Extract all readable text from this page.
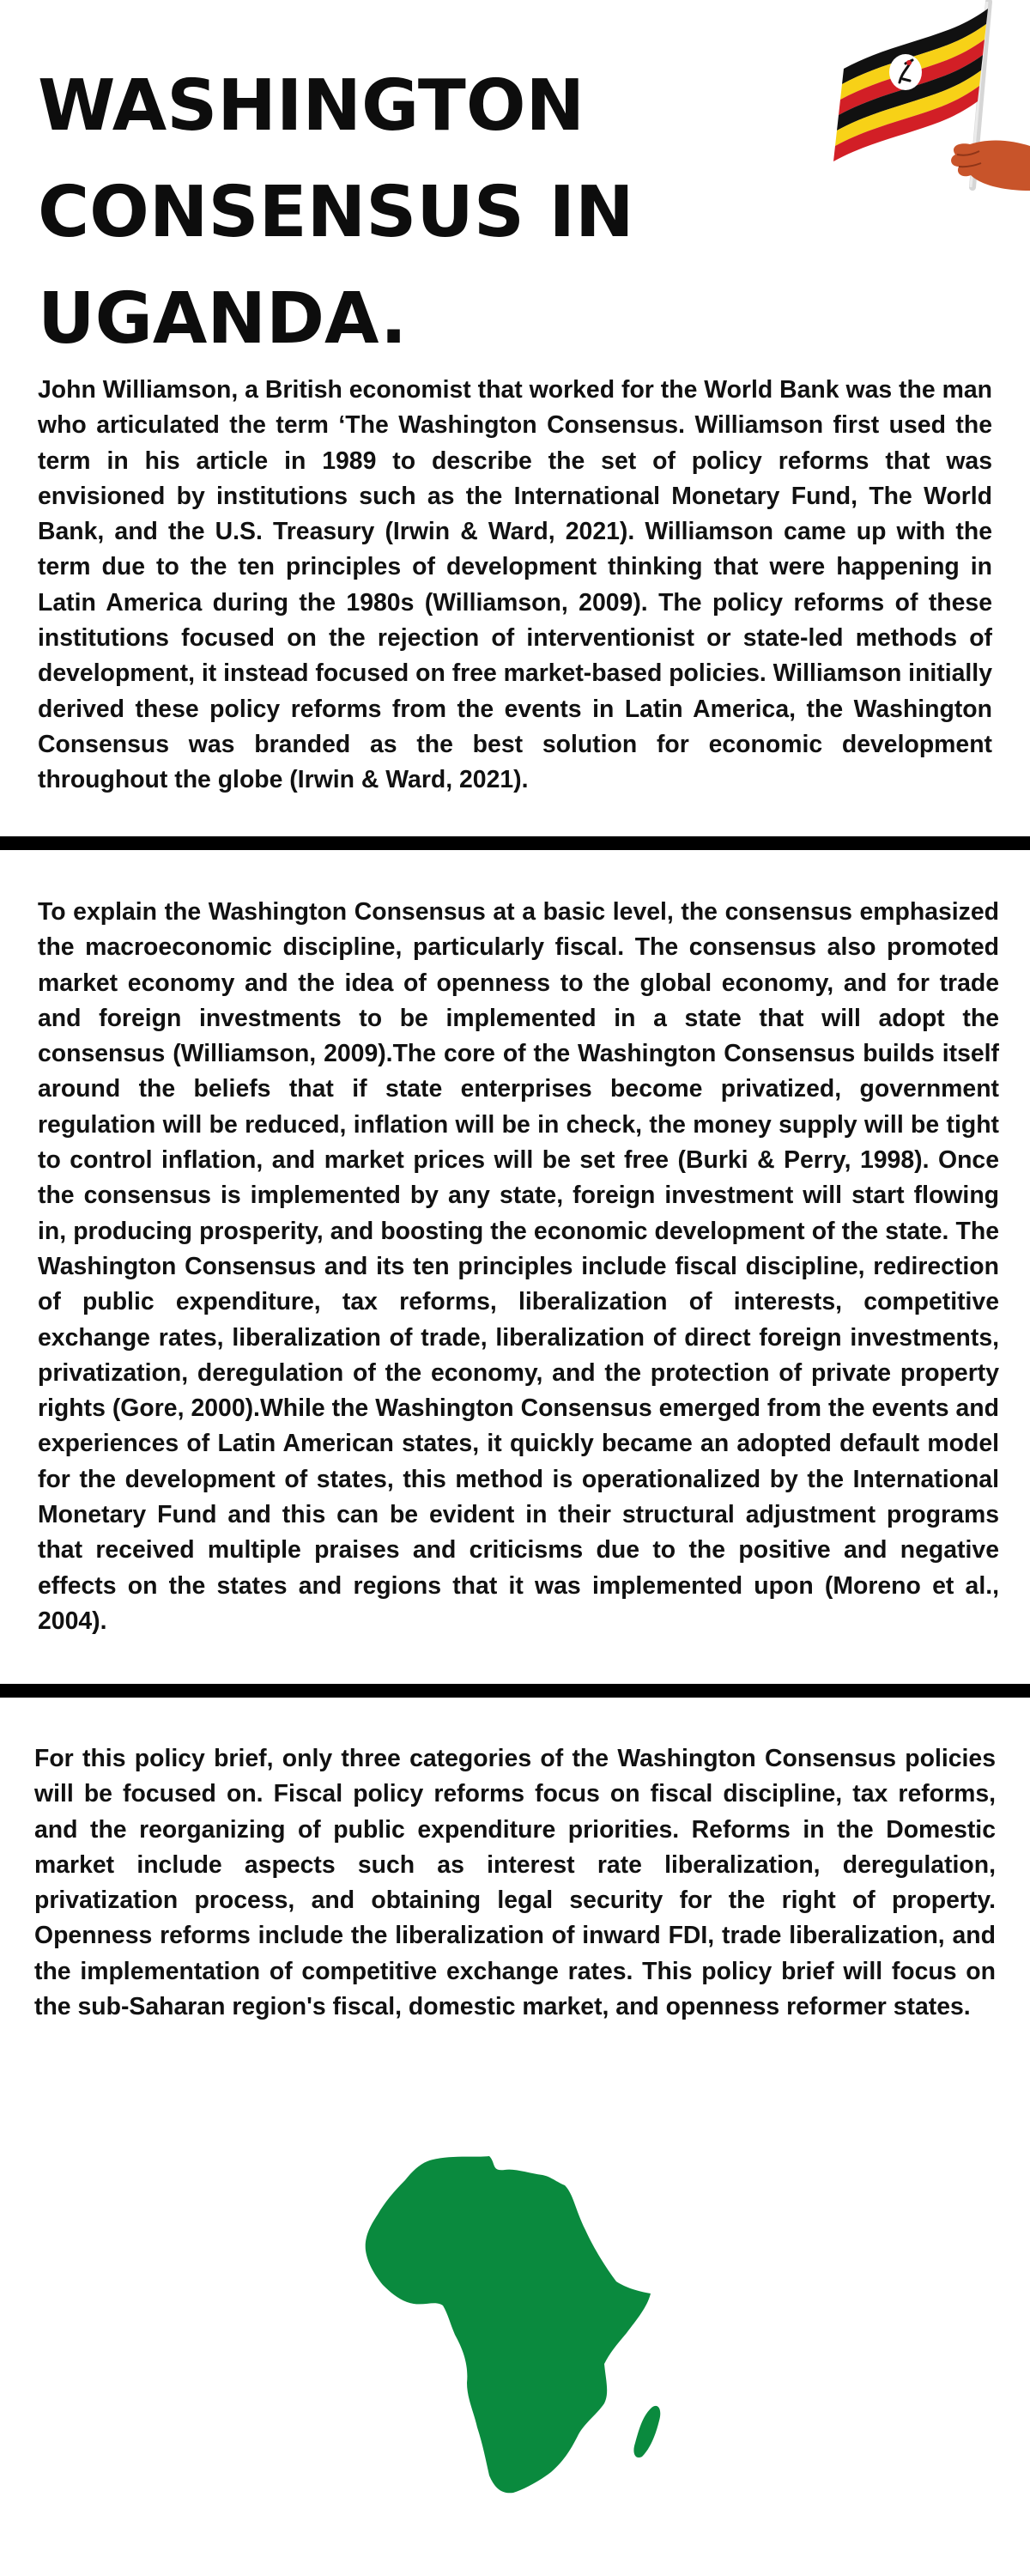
WASHINGTON
CONSENSUS IN UGANDA.

John Williamson, a British economist that worked for the World Bank was the man who articulated the term ‘The Washington Consensus. Williamson first used the term in his article in 1989 to describe the set of policy reforms that was envisioned by institutions such as the International Monetary Fund, The World Bank, and the U.S. Treasury (Irwin & Ward, 2021). Williamson came up with the term due to the ten principles of development thinking that were happening in Latin America during the 1980s (Williamson, 2009). The policy reforms of these institutions focused on the rejection of interventionist or state-led methods of development, it instead focused on free market-based policies. Williamson initially derived these policy reforms from the events in Latin America, the Washington Consensus was branded as the best solution for economic development throughout the globe (Irwin & Ward, 2021).

To explain the Washington Consensus at a basic level, the consensus emphasized the macroeconomic discipline, particularly fiscal. The consensus also promoted market economy and the idea of openness to the global economy, and for trade and foreign investments to be implemented in a state that will adopt the consensus (Williamson, 2009).The core of the Washington Consensus builds itself around the beliefs that if state enterprises become privatized, government regulation will be reduced, inflation will be in check, the money supply will be tight to control inflation, and market prices will be set free (Burki & Perry, 1998). Once the consensus is implemented by any state, foreign investment will start flowing in, producing prosperity, and boosting the economic development of the state. The Washington Consensus and its ten principles include fiscal discipline, redirection of public expenditure, tax reforms, liberalization of interests, competitive exchange rates, liberalization of trade, liberalization of direct foreign investments, privatization, deregulation of the economy, and the protection of private property rights (Gore, 2000).While the Washington Consensus emerged from the events and experiences of Latin American states, it quickly became an adopted default model for the development of states, this method is operationalized by the International Monetary Fund and this can be evident in their structural adjustment programs that received multiple praises and criticisms due to the positive and negative effects on the states and regions that it was implemented upon (Moreno et al., 2004).

For this policy brief, only three categories of the Washington Consensus policies will be focused on. Fiscal policy reforms focus on fiscal discipline, tax reforms, and the reorganizing of public expenditure priorities. Reforms in the Domestic market include aspects such as interest rate liberalization, deregulation, privatization process, and obtaining legal security for the right of property. Openness reforms include the liberalization of inward FDI, trade liberalization, and the implementation of competitive exchange rates. This policy brief will focus on the sub-Saharan region's fiscal, domestic market, and openness reformer states.
